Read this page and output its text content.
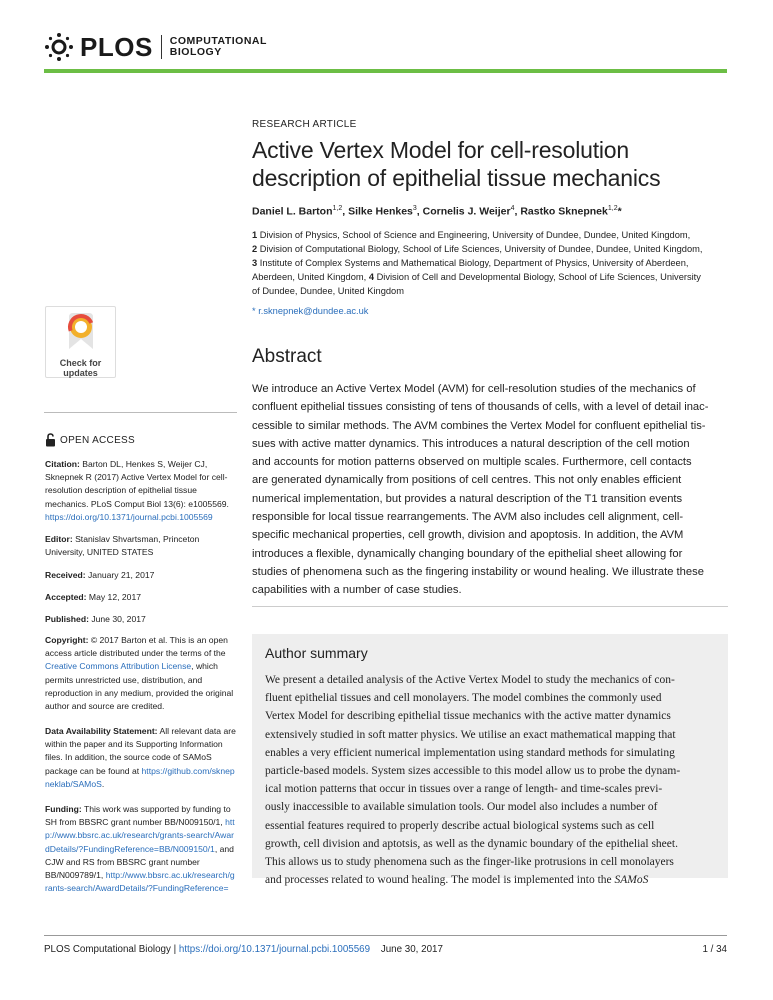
PLOS COMPUTATIONAL
BIOLOGY
RESEARCH ARTICLE
Active Vertex Model for cell-resolution
description of epithelial tissue mechanics
Daniel L. Barton$^{1,2}$, Silke Henkes$^3$, Cornelis J. Weijer$^4$, Rastko Sknepnek$^{1,2}$*
1 Division of Physics, School of Science and Engineering, University of Dundee, Dundee, United Kingdom,
2 Division of Computational Biology, School of Life Sciences, University of Dundee, Dundee, United Kingdom,
3 Institute of Complex Systems and Mathematical Biology, Department of Physics, University of Aberdeen,
Aberdeen, United Kingdom, 4 Division of Cell and Developmental Biology, School of Life Sciences, University
of Dundee, Dundee, United Kingdom
* r.sknepnek@dundee.ac.uk
Abstract
We introduce an Active Vertex Model (AVM) for cell-resolution studies of the mechanics of
confluent epithelial tissues consisting of tens of thousands of cells, with a level of detail inac-
cessible to similar methods. The AVM combines the Vertex Model for confluent epithelial tis-
sues with active matter dynamics. This introduces a natural description of the cell motion
and accounts for motion patterns observed on multiple scales. Furthermore, cell contacts
are generated dynamically from positions of cell centres. This not only enables efficient
numerical implementation, but provides a natural description of the T1 transition events
responsible for local tissue rearrangements. The AVM also includes cell alignment, cell-
specific mechanical properties, cell growth, division and apoptosis. In addition, the AVM
introduces a flexible, dynamically changing boundary of the epithelial sheet allowing for
studies of phenomena such as the fingering instability or wound healing. We illustrate these
capabilities with a number of case studies.
Author summary
We present a detailed analysis of the Active Vertex Model to study the mechanics of con-
fluent epithelial tissues and cell monolayers. The model combines the commonly used
Vertex Model for describing epithelial tissue mechanics with the active matter dynamics
extensively studied in soft matter physics. We utilise an exact mathematical mapping that
enables a very efficient numerical implementation using standard methods for simulating
particle-based models. System sizes accessible to this model allow us to probe the dynam-
ical motion patterns that occur in tissues over a range of length- and time-scales previ-
ously inaccessible to available simulation tools. Our model also includes a number of
essential features required to properly describe actual biological systems such as cell
growth, cell division and aptotsis, as well as the dynamic boundary of the epithelial sheet.
This allows us to study phenomena such as the finger-like protrusions in cell monolayers
and processes related to wound healing. The model is implemented into the SAMoS
Check for
updates
OPEN ACCESS
Citation: Barton DL, Henkes S, Weijer CJ, Sknepnek R (2017) Active Vertex Model for cell-resolution description of epithelial tissue mechanics. PLoS Comput Biol 13(6): e1005569. https://doi.org/10.1371/journal.pcbi.1005569
Editor: Stanislav Shvartsman, Princeton University, UNITED STATES
Received: January 21, 2017
Accepted: May 12, 2017
Published: June 30, 2017
Copyright: © 2017 Barton et al. This is an open access article distributed under the terms of the Creative Commons Attribution License, which permits unrestricted use, distribution, and reproduction in any medium, provided the original author and source are credited.
Data Availability Statement: All relevant data are within the paper and its Supporting Information files. In addition, the source code of SAMoS package can be found at https://github.com/sknepneklab/SAMoS.
Funding: This work was supported by funding to SH from BBSRC grant number BB/N009150/1, http://www.bbsrc.ac.uk/research/grants-search/AwardDetails/?FundingReference=BB/N009150/1, and CJW and RS from BBSRC grant number BB/N009789/1, http://www.bbsrc.ac.uk/research/grants-search/AwardDetails/?FundingReference=
PLOS Computational Biology | https://doi.org/10.1371/journal.pcbi.1005569 June 30, 2017	1 / 34
